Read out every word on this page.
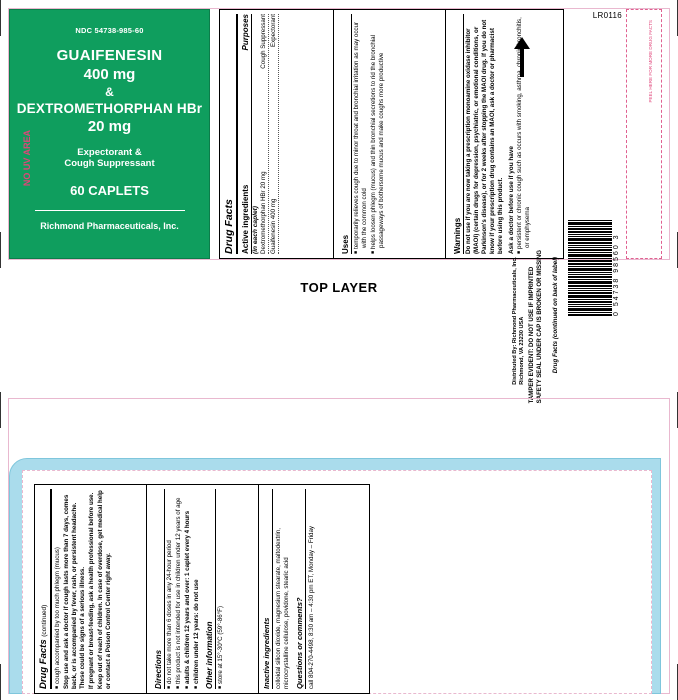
NDC 54738-985-60
GUAIFENESIN
400 mg
&
DEXTROMETHORPHAN HBr
20 mg
Expectorant &
Cough Suppressant
60 CAPLETS
Richmond Pharmaceuticals, Inc.	Drug Facts Active ingredients
Purposes
(in each caplet) Dextromethorphan HBr 20 mg
Cough Suppressant
Guaifenesin 400 mg
Expectorant
Uses ■ temporarily relieves cough due to minor throat and bronchial irritation as may occur with the common cold ■ helps loosen phlegm (mucus) and thin bronchial secretions to rid the bronchial passageways of bothersome mucus and make coughs more productive	Warnings Do not use if you are now taking a prescription monoamine oxidase inhibitor (MAOI) (certain drugs for depression, psychiatric, or emotional conditions, or Parkinson's disease), or for 2 weeks after stopping the MAOI drug. If you do not know if your prescription drug contains an MAOI, ask a doctor or pharmacist before using this product. Ask a doctor before use if you have ■ persistent or chronic cough such as occurs with smoking, asthma, chronic bronchitis, or emphysema
Distributed By: Richmond Pharmaceuticals, Inc. Richmond, VA 23230 USA	Drug Facts (continued on back of label)
TAMPER EVIDENT: DO NOT USE IF IMPRINTED SAFETY SEAL UNDER CAP IS BROKEN OR MISSING
LR0116
0 54738 98560 3
NO UV AREA
PEEL HERE FOR MORE DRUG FACTS
TOP LAYER
Drug Facts (continued) ■ cough accompanied by too much phlegm (mucus) Stop use and ask a doctor if cough lasts more than 7 days, comes back, or is accompanied by fever, rash, or persistent headache. These could be signs of a serious illness. If pregnant or breast-feeding, ask a health professional before use. Keep out of reach of children. In case of overdose, get medical help or contact a Poison Control Center right away.	Directions ■ do not take more than 6 doses in any 24-hour period ■ this product is not intended for use in children under 12 years of age ■ adults & children 12 years and over: 1 caplet every 4 hours ■ children under 12 years: do not use Other information ■ store at 15°-30°C (59°-86°F)	Inactive ingredients colloidal silicon dioxide, magnesium stearate, maltodextrin, microcrystalline cellulose, povidone, stearic acid Questions or comments? call 804-270-4498, 8:30 am – 4:30 pm ET, Monday – Friday
